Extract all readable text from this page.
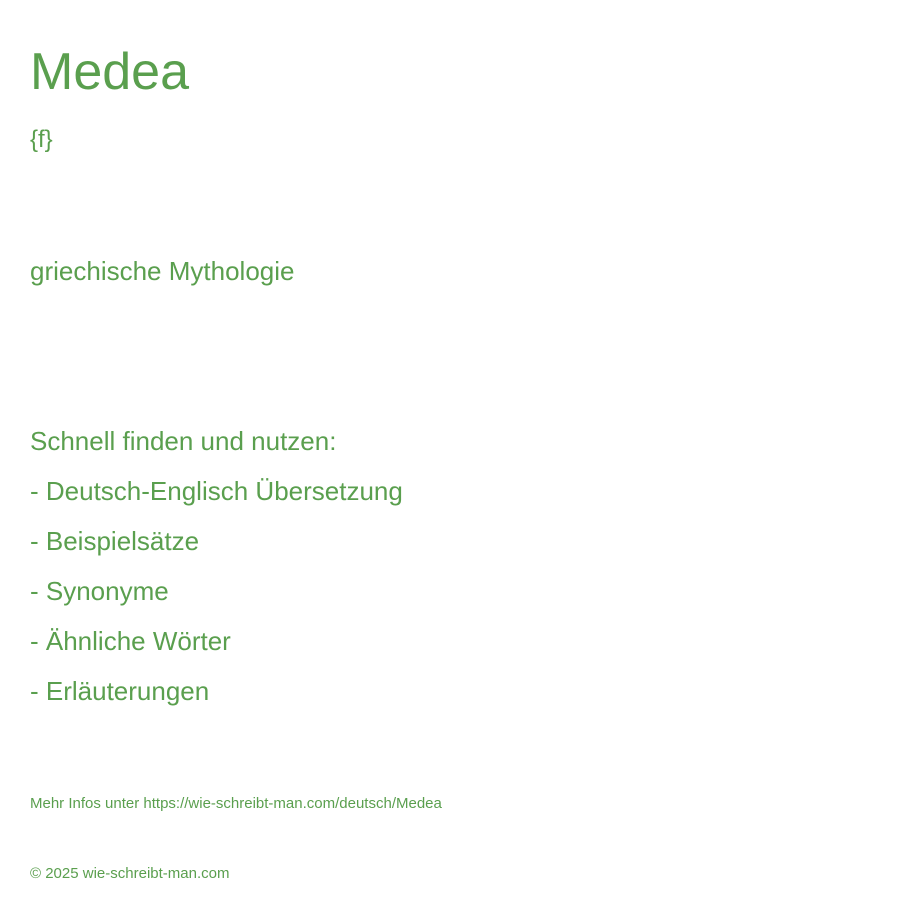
Medea
{f}
griechische Mythologie
Schnell finden und nutzen:
- Deutsch-Englisch Übersetzung
- Beispielsätze
- Synonyme
- Ähnliche Wörter
- Erläuterungen
Mehr Infos unter https://wie-schreibt-man.com/deutsch/Medea
© 2025 wie-schreibt-man.com
